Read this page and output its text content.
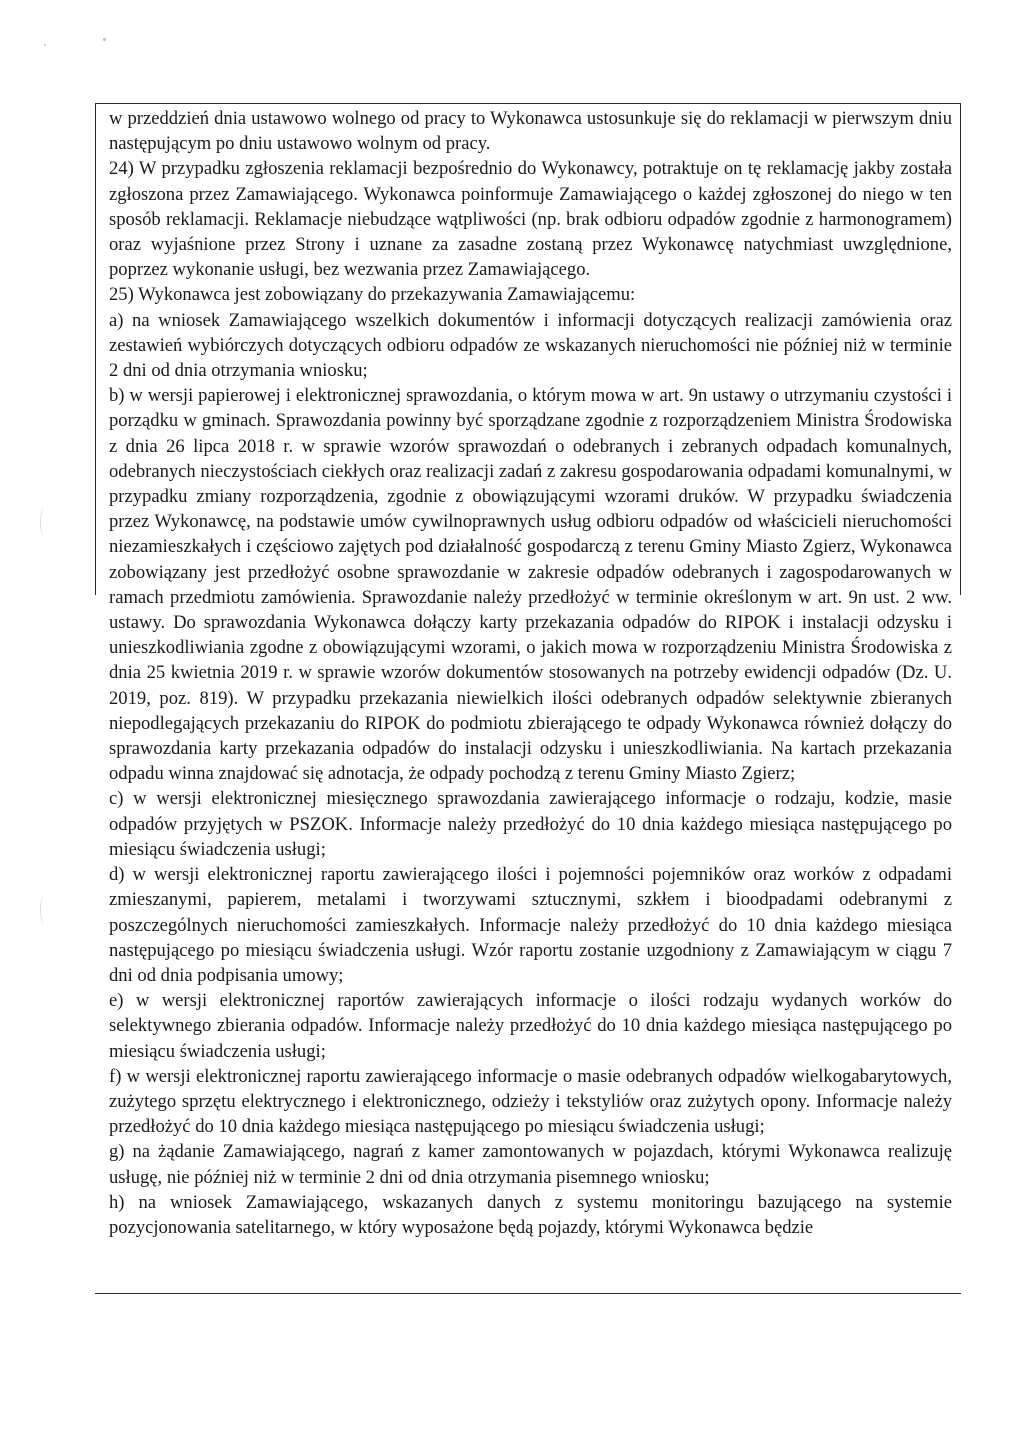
w przeddzień dnia ustawowo wolnego od pracy to Wykonawca ustosunkuje się do reklamacji w pierwszym dniu następującym po dniu ustawowo wolnym od pracy.

24) W przypadku zgłoszenia reklamacji bezpośrednio do Wykonawcy, potraktuje on tę reklamację jakby została zgłoszona przez Zamawiającego. Wykonawca poinformuje Zamawiającego o każdej zgłoszonej do niego w ten sposób reklamacji. Reklamacje niebudzące wątpliwości (np. brak odbioru odpadów zgodnie z harmonogramem) oraz wyjaśnione przez Strony i uznane za zasadne zostaną przez Wykonawcę natychmiast uwzględnione, poprzez wykonanie usługi, bez wezwania przez Zamawiającego.

25) Wykonawca jest zobowiązany do przekazywania Zamawiającemu:

a) na wniosek Zamawiającego wszelkich dokumentów i informacji dotyczących realizacji zamówienia oraz zestawień wybiórczych dotyczących odbioru odpadów ze wskazanych nieruchomości nie później niż w terminie 2 dni od dnia otrzymania wniosku;

b) w wersji papierowej i elektronicznej sprawozdania, o którym mowa w art. 9n ustawy o utrzymaniu czystości i porządku w gminach. Sprawozdania powinny być sporządzane zgodnie z rozporządzeniem Ministra Środowiska z dnia 26 lipca 2018 r. w sprawie wzorów sprawozdań o odebranych i zebranych odpadach komunalnych, odebranych nieczystościach ciekłych oraz realizacji zadań z zakresu gospodarowania odpadami komunalnymi, w przypadku zmiany rozporządzenia, zgodnie z obowiązującymi wzorami druków. W przypadku świadczenia przez Wykonawcę, na podstawie umów cywilnoprawnych usług odbioru odpadów od właścicieli nieruchomości niezamieszkałych i częściowo zajętych pod działalność gospodarczą z terenu Gminy Miasto Zgierz, Wykonawca zobowiązany jest przedłożyć osobne sprawozdanie w zakresie odpadów odebranych i zagospodarowanych w ramach przedmiotu zamówienia. Sprawozdanie należy przedłożyć w terminie określonym w art. 9n ust. 2 ww. ustawy. Do sprawozdania Wykonawca dołączy karty przekazania odpadów do RIPOK i instalacji odzysku i unieszkodliwiania zgodne z obowiązującymi wzorami, o jakich mowa w rozporządzeniu Ministra Środowiska z dnia 25 kwietnia 2019 r. w sprawie wzorów dokumentów stosowanych na potrzeby ewidencji odpadów (Dz. U. 2019, poz. 819). W przypadku przekazania niewielkich ilości odebranych odpadów selektywnie zbieranych niepodlegających przekazaniu do RIPOK do podmiotu zbierającego te odpady Wykonawca również dołączy do sprawozdania karty przekazania odpadów do instalacji odzysku i unieszkodliwiania. Na kartach przekazania odpadu winna znajdować się adnotacja, że odpady pochodzą z terenu Gminy Miasto Zgierz;

c) w wersji elektronicznej miesięcznego sprawozdania zawierającego informacje o rodzaju, kodzie, masie odpadów przyjętych w PSZOK. Informacje należy przedłożyć do 10 dnia każdego miesiąca następującego po miesiącu świadczenia usługi;

d) w wersji elektronicznej raportu zawierającego ilości i pojemności pojemników oraz worków z odpadami zmieszanymi, papierem, metalami i tworzywami sztucznymi, szkłem i bioodpadami odebranymi z poszczególnych nieruchomości zamieszkałych. Informacje należy przedłożyć do 10 dnia każdego miesiąca następującego po miesiącu świadczenia usługi. Wzór raportu zostanie uzgodniony z Zamawiającym w ciągu 7 dni od dnia podpisania umowy;

e) w wersji elektronicznej raportów zawierających informacje o ilości rodzaju wydanych worków do selektywnego zbierania odpadów. Informacje należy przedłożyć do 10 dnia każdego miesiąca następującego po miesiącu świadczenia usługi;

f) w wersji elektronicznej raportu zawierającego informacje o masie odebranych odpadów wielkogabarytowych, zużytego sprzętu elektrycznego i elektronicznego, odzieży i tekstyliów oraz zużytych opony. Informacje należy przedłożyć do 10 dnia każdego miesiąca następującego po miesiącu świadczenia usługi;

g) na żądanie Zamawiającego, nagrań z kamer zamontowanych w pojazdach, którymi Wykonawca realizuję usługę, nie później niż w terminie 2 dni od dnia otrzymania pisemnego wniosku;

h) na wniosek Zamawiającego, wskazanych danych z systemu monitoringu bazującego na systemie pozycjonowania satelitarnego, w który wyposażone będą pojazdy, którymi Wykonawca będzie
